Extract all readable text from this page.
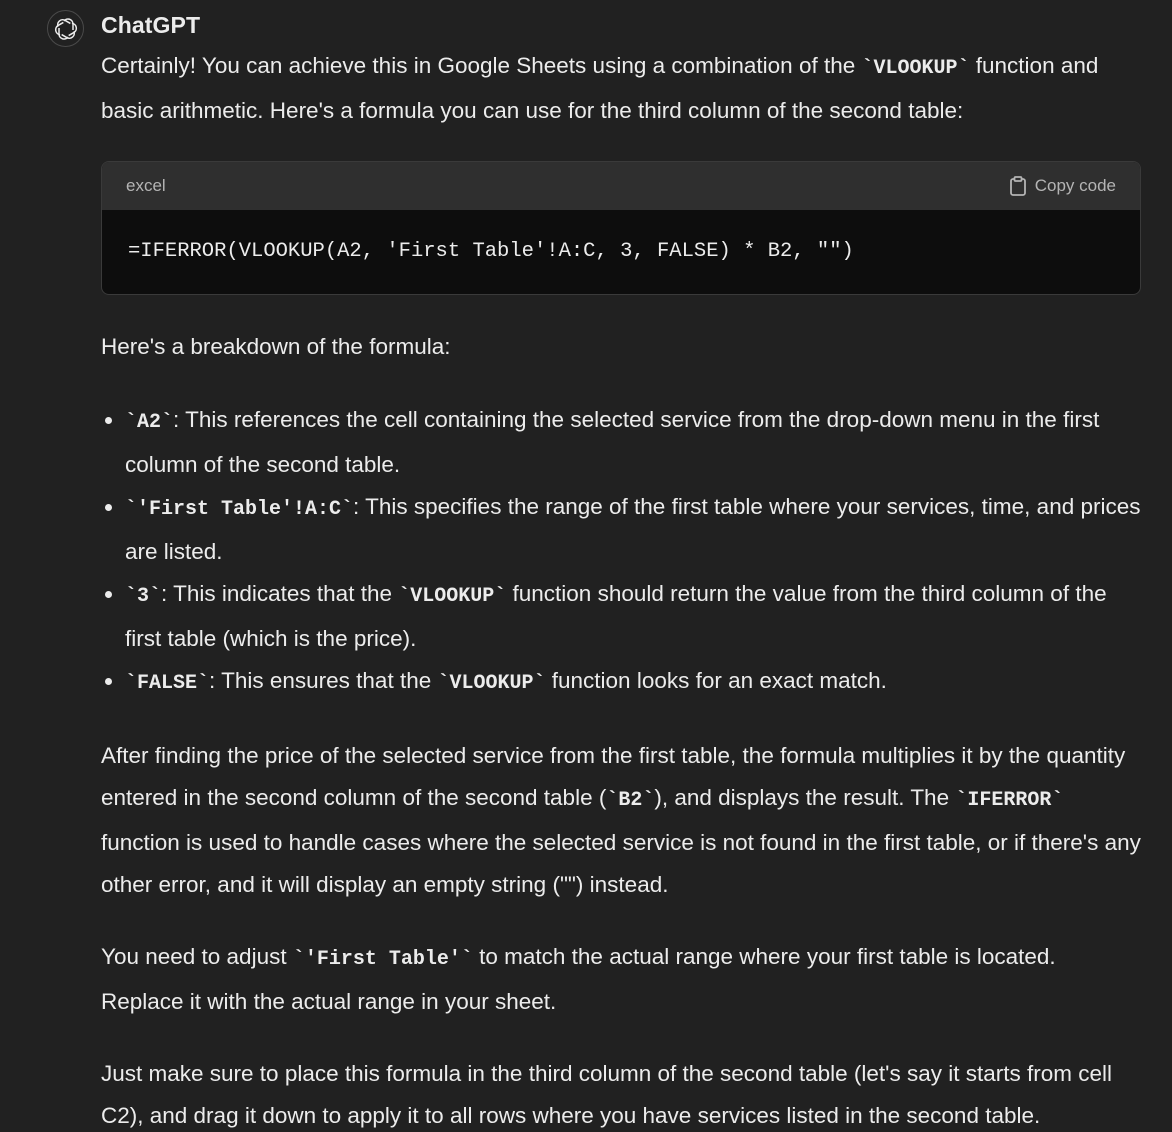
ChatGPT

Certainly! You can achieve this in Google Sheets using a combination of the `VLOOKUP` function and basic arithmetic. Here's a formula you can use for the third column of the second table:

excel	Copy code
=IFERROR(VLOOKUP(A2, 'First Table'!A:C, 3, FALSE) * B2, "")

Here's a breakdown of the formula:

`A2`: This references the cell containing the selected service from the drop-down menu in the first column of the second table.
`'First Table'!A:C`: This specifies the range of the first table where your services, time, and prices are listed.
`3`: This indicates that the `VLOOKUP` function should return the value from the third column of the first table (which is the price).
`FALSE`: This ensures that the `VLOOKUP` function looks for an exact match.

After finding the price of the selected service from the first table, the formula multiplies it by the quantity entered in the second column of the second table (`B2`), and displays the result. The `IFERROR` function is used to handle cases where the selected service is not found in the first table, or if there's any other error, and it will display an empty string ("") instead.

You need to adjust `'First Table'` to match the actual range where your first table is located. Replace it with the actual range in your sheet.

Just make sure to place this formula in the third column of the second table (let's say it starts from cell C2), and drag it down to apply it to all rows where you have services listed in the second table.
